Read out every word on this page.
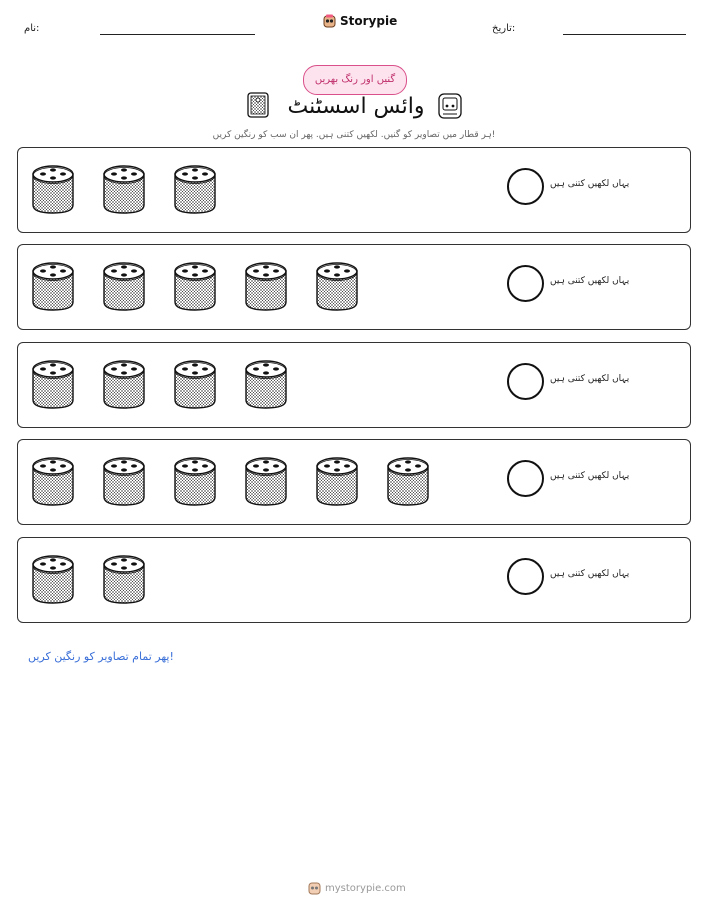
نام:
Storypie
تاریخ:
گنیں اور رنگ بھریں
وائس اسسٹنٹ
ہر قطار میں تصاویر کو گنیں. لکھیں کتنی ہیں. پھر ان سب کو رنگین کریں!
یہاں لکھیں کتنی ہیں
یہاں لکھیں کتنی ہیں
یہاں لکھیں کتنی ہیں
یہاں لکھیں کتنی ہیں
یہاں لکھیں کتنی ہیں
پھر تمام تصاویر کو رنگین کریں!
mystorypie.com
